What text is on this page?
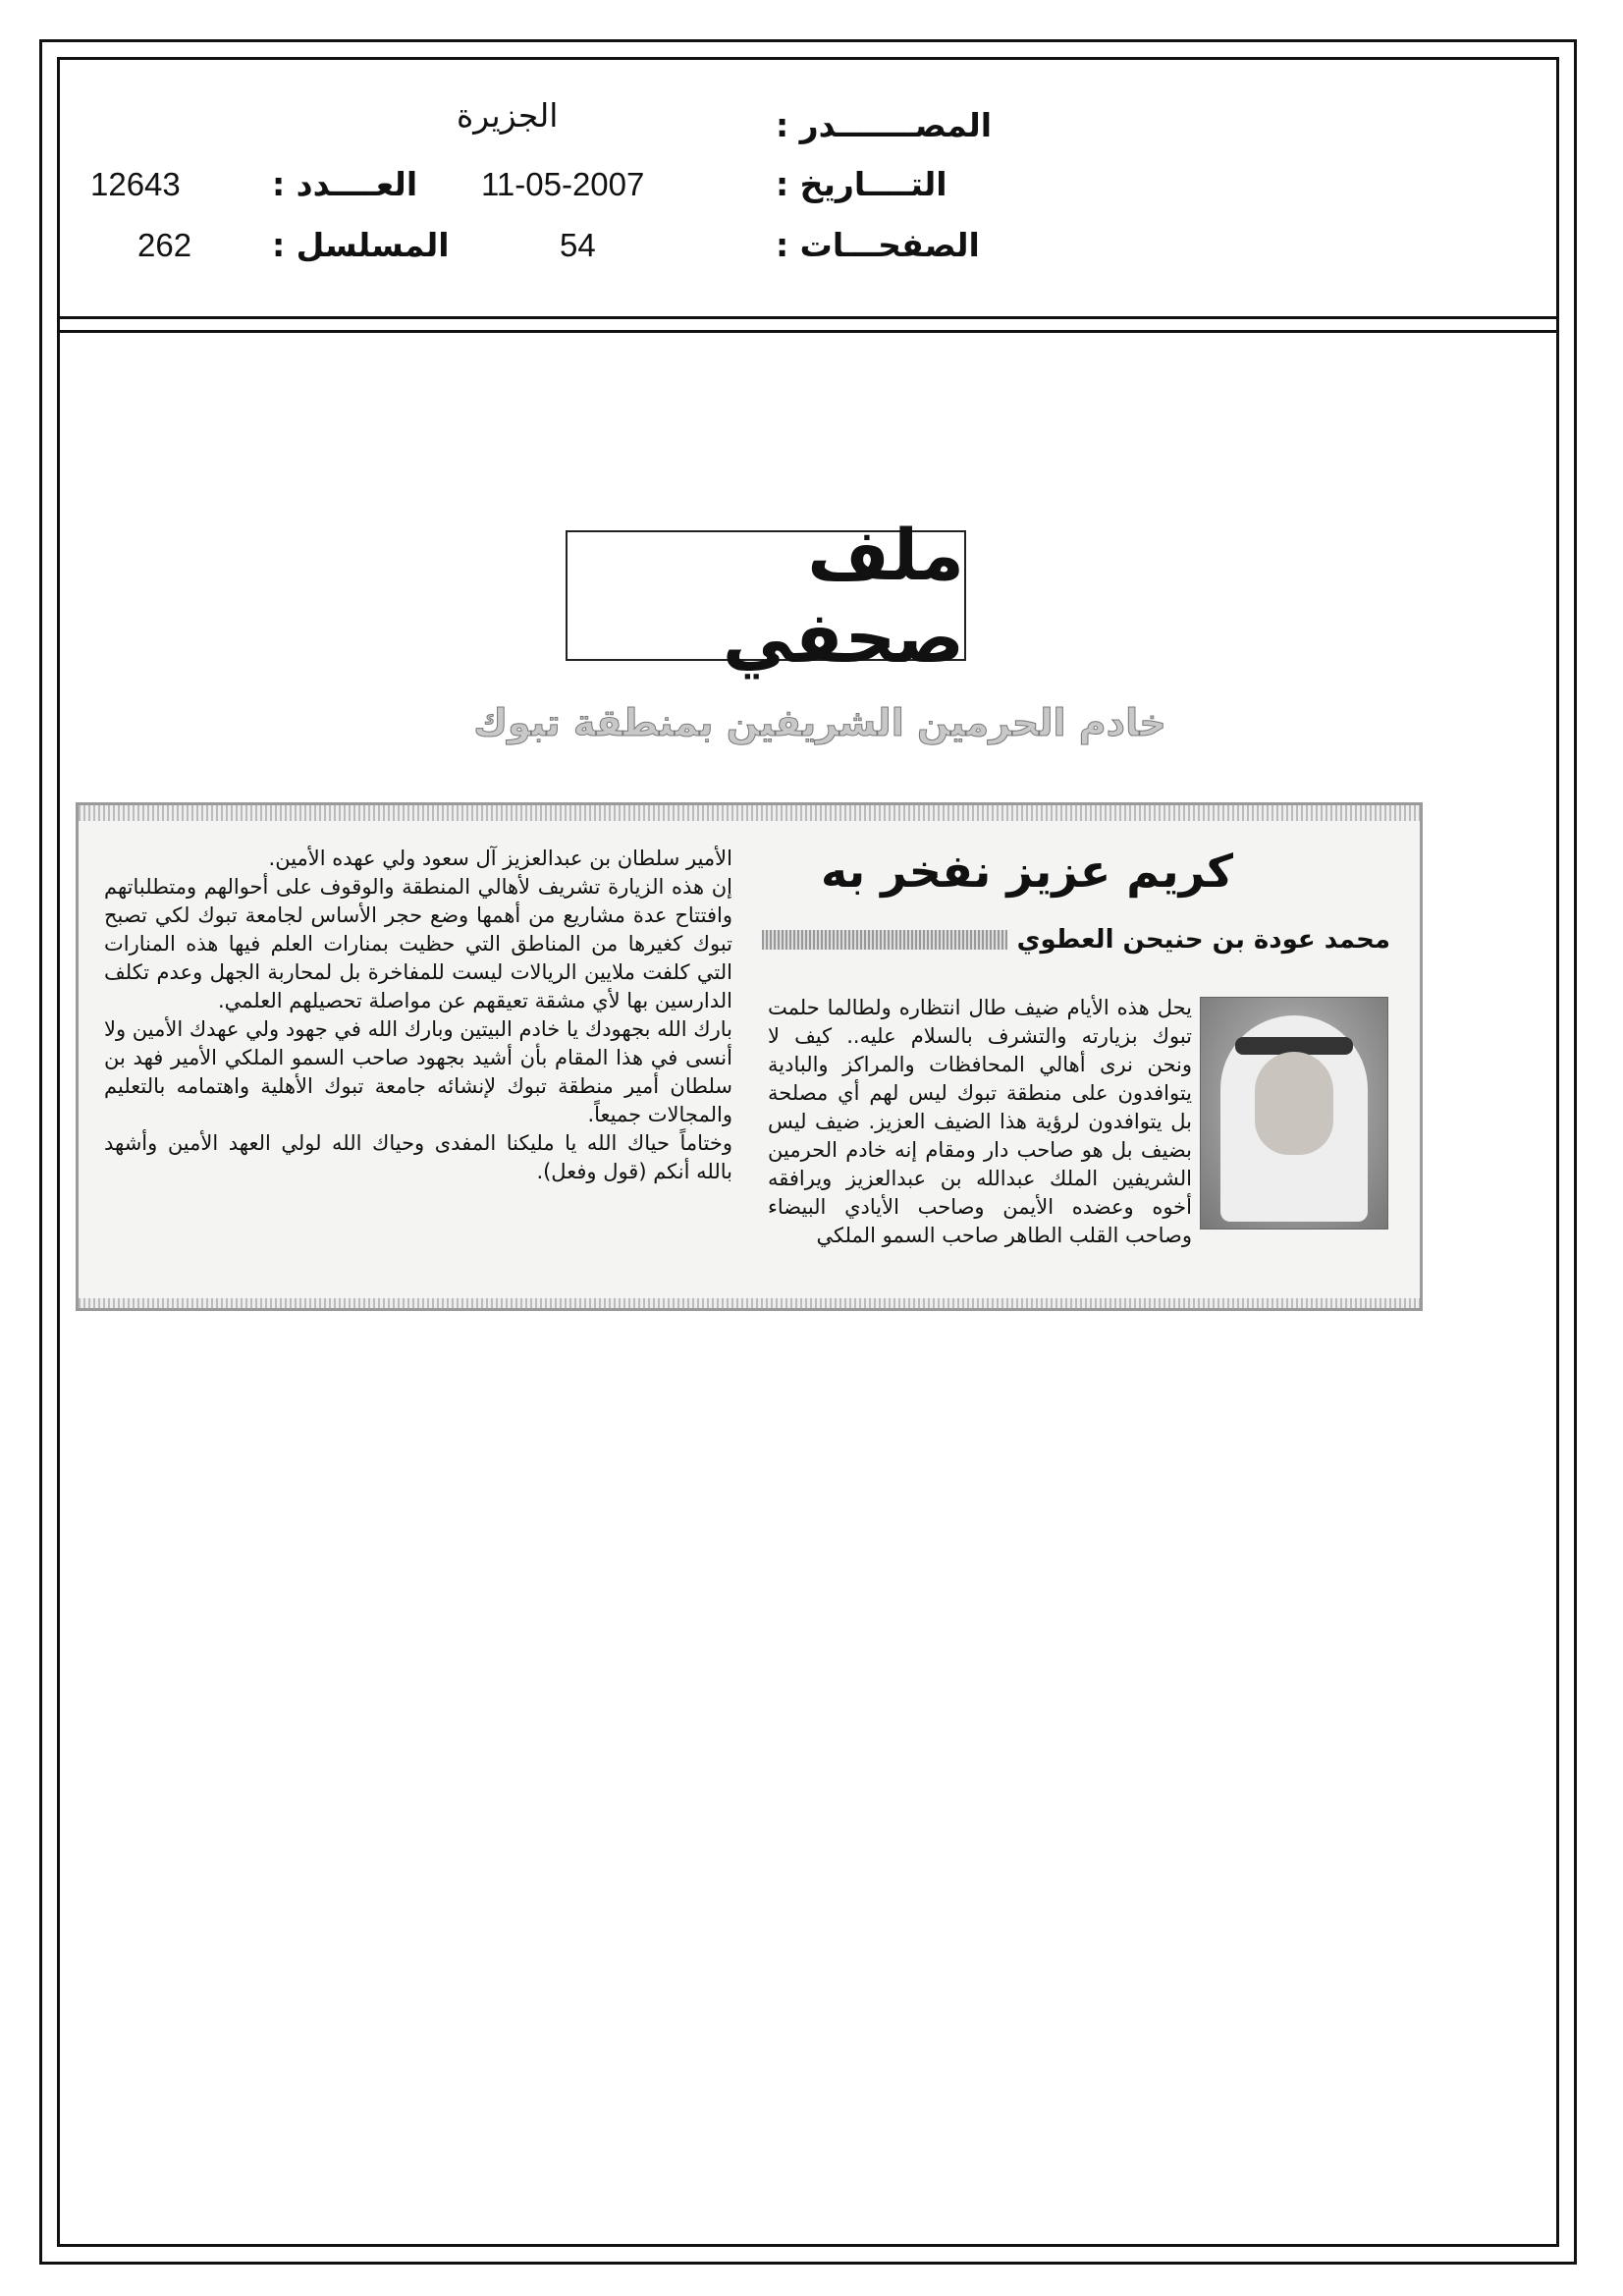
المصـــــــدر :
الجزيرة
التــــاريخ :
11-05-2007
العــــدد :
12643
الصفحـــات :
54
المسلسل :
262
ملف صحفي
خادم الحرمين الشريفين بمنطقة تبوك
كريم عزيز نفخر به
محمد عودة بن حنيحن العطوي

يحل هذه الأيام ضيف طال انتظاره ولطالما حلمت تبوك بزيارته والتشرف بالسلام عليه.. كيف لا ونحن نرى أهالي المحافظات والمراكز والبادية يتوافدون على منطقة تبوك ليس لهم أي مصلحة بل يتوافدون لرؤية هذا الضيف العزيز. ضيف ليس بضيف بل هو صاحب دار ومقام إنه خادم الحرمين الشريفين الملك عبدالله بن عبدالعزيز ويرافقه أخوه وعضده الأيمن وصاحب الأيادي البيضاء وصاحب القلب الطاهر صاحب السمو الملكي

الأمير سلطان بن عبدالعزيز آل سعود ولي عهده الأمين.

إن هذه الزيارة تشريف لأهالي المنطقة والوقوف على أحوالهم ومتطلباتهم وافتتاح عدة مشاريع من أهمها وضع حجر الأساس لجامعة تبوك لكي تصبح تبوك كغيرها من المناطق التي حظيت بمنارات العلم فيها هذه المنارات التي كلفت ملايين الريالات ليست للمفاخرة بل لمحاربة الجهل وعدم تكلف الدارسين بها لأي مشقة تعيقهم عن مواصلة تحصيلهم العلمي.

بارك الله بجهودك يا خادم البيتين وبارك الله في جهود ولي عهدك الأمين ولا أنسى في هذا المقام بأن أشيد بجهود صاحب السمو الملكي الأمير فهد بن سلطان أمير منطقة تبوك لإنشائه جامعة تبوك الأهلية واهتمامه بالتعليم والمجالات جميعاً.

وختاماً حياك الله يا مليكنا المفدى وحياك الله لولي العهد الأمين وأشهد بالله أنكم (قول وفعل).
